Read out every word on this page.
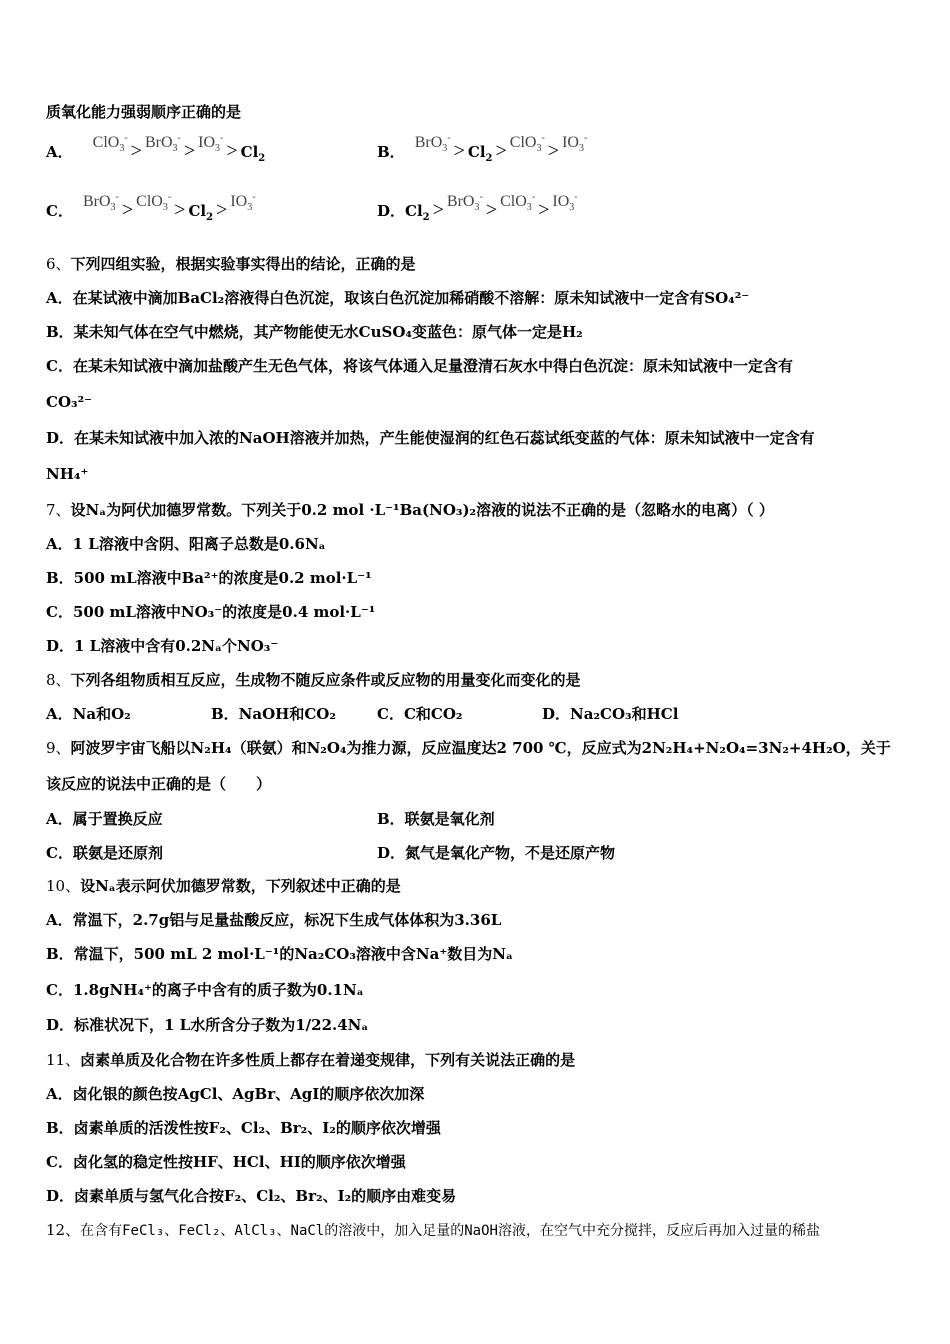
质氧化能力强弱顺序正确的是
A．$ClO_3^-> BrO_3^-> IO_3^-> Cl_2$	B．$BrO_3^-> Cl_2 > ClO_3^-> IO_3^-$
C．$BrO_3^-> ClO_3^-> Cl_2 > IO_3^-$
D．$Cl_2 > BrO_3^-> ClO_3^-> IO_3^-$
6、下列四组实验，根据实验事实得出的结论，正确的是
A．在某试液中滴加BaCl₂溶液得白色沉淀，取该白色沉淀加稀硝酸不溶解：原未知试液中一定含有SO₄²⁻
B．某未知气体在空气中燃烧，其产物能使无水CuSO₄变蓝色：原气体一定是H₂
C．在某未知试液中滴加盐酸产生无色气体，将该气体通入足量澄清石灰水中得白色沉淀：原未知试液中一定含有
CO₃²⁻
D．在某未知试液中加入浓的NaOH溶液并加热，产生能使湿润的红色石蕊试纸变蓝的气体：原未知试液中一定含有
NH₄⁺
7、设Nₐ为阿伏加德罗常数。下列关于0.2 mol ·L⁻¹Ba(NO₃)₂溶液的说法不正确的是（忽略水的电离）（ ）
A．1 L溶液中含阴、阳离子总数是0.6Nₐ
B．500 mL溶液中Ba²⁺的浓度是0.2 mol·L⁻¹
C．500 mL溶液中NO₃⁻的浓度是0.4 mol·L⁻¹
D．1 L溶液中含有0.2Nₐ个NO₃⁻
8、下列各组物质相互反应，生成物不随反应条件或反应物的用量变化而变化的是
A．Na和O₂	B．NaOH和CO₂	C．C和CO₂	D．Na₂CO₃和HCl
9、阿波罗宇宙飞船以N₂H₄（联氨）和N₂O₄为推力源，反应温度达2 700 ℃，反应式为2N₂H₄+N₂O₄=3N₂+4H₂O，关于
该反应的说法中正确的是（　　）
A．属于置换反应	B．联氨是氧化剂
C．联氨是还原剂	D．氮气是氧化产物，不是还原产物
10、设Nₐ表示阿伏加德罗常数，下列叙述中正确的是
A．常温下，2.7g铝与足量盐酸反应，标况下生成气体体积为3.36L
B．常温下，500 mL 2 mol·L⁻¹的Na₂CO₃溶液中含Na⁺数目为Nₐ
C．1.8gNH₄⁺的离子中含有的质子数为0.1Nₐ
D．标准状况下，1 L水所含分子数为1/22.4Nₐ
11、卤素单质及化合物在许多性质上都存在着递变规律，下列有关说法正确的是
A．卤化银的颜色按AgCl、AgBr、AgI的顺序依次加深
B．卤素单质的活泼性按F₂、Cl₂、Br₂、I₂的顺序依次增强
C．卤化氢的稳定性按HF、HCl、HI的顺序依次增强
D．卤素单质与氢气化合按F₂、Cl₂、Br₂、I₂的顺序由难变易
12、在含有FeCl₃、FeCl₂、AlCl₃、NaCl的溶液中，加入足量的NaOH溶液，在空气中充分搅拌，反应后再加入过量的稀盐
